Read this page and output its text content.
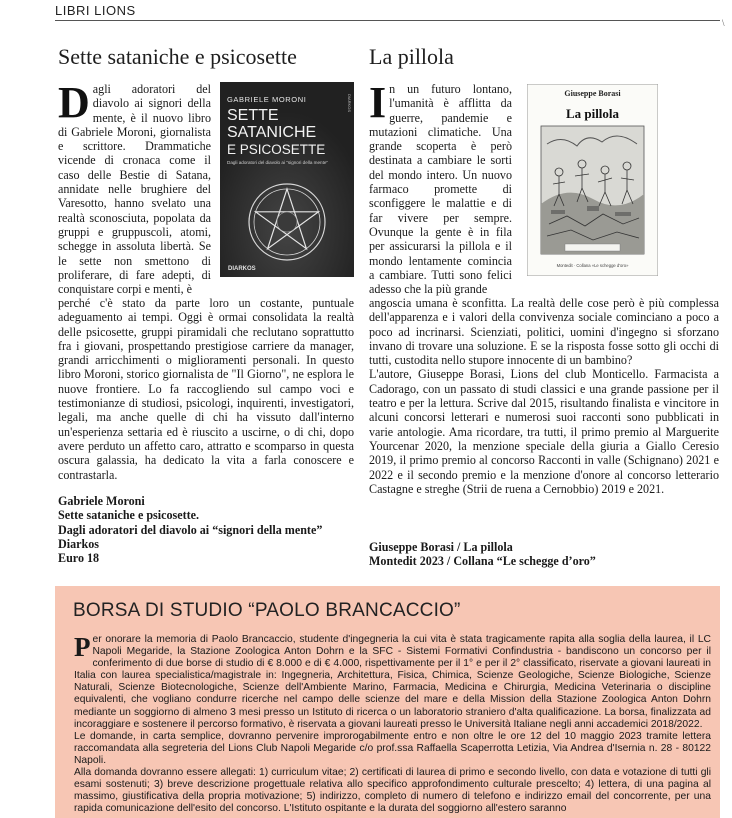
LIBRI LIONS
\
Sette sataniche e psicosette

Dagli adoratori del diavolo ai signori della mente, è il nuovo libro di Gabriele Moroni, giornalista e scrittore. Drammatiche vicende di cronaca come il caso delle Bestie di Satana, annidate nelle brughiere del Varesotto, hanno svelato una realtà sconosciuta, popolata da gruppi e gruppuscoli, atomi, schegge in assoluta libertà. Se le sette non smettono di proliferare, di fare adepti, di conquistare corpi e menti, è

perché c'è stato da parte loro un costante, puntuale adeguamento ai tempi. Oggi è ormai consolidata la realtà delle psicosette, gruppi piramidali che reclutano soprattutto fra i giovani, prospettando prestigiose carriere da manager, grandi arricchimenti o miglioramenti personali. In questo libro Moroni, storico giornalista de "Il Giorno", ne esplora le nuove frontiere. Lo fa raccogliendo sul campo voci e testimonianze di studiosi, psicologi, inquirenti, investigatori, legali, ma anche quelle di chi ha vissuto dall'interno un'esperienza settaria ed è riuscito a uscirne, o di chi, dopo avere perduto un affetto caro, attratto e scomparso in questa oscura galassia, ha dedicato la vita a farla conoscere e contrastarla.

GABRIELE MORONI
SETTE
SATANICHE
E PSICOSETTE
Dagli adoratori del diavolo ai "signori della mente"
DIARKOS
DIARKOS
Gabriele Moroni
Sette sataniche e psicosette.
Dagli adoratori del diavolo ai “signori della mente”
Diarkos
Euro 18
La pillola

In un futuro lontano, l'umanità è afflitta da guerre, pandemie e mutazioni climatiche. Una grande scoperta è però destinata a cambiare le sorti del mondo intero. Un nuovo farmaco promette di sconfiggere le malattie e di far vivere per sempre. Ovunque la gente è in fila per assicurarsi la pillola e il mondo lentamente comincia a cambiare. Tutti sono felici adesso che la più grande

angoscia umana è sconfitta. La realtà delle cose però è più complessa dell'apparenza e i valori della convivenza sociale cominciano a poco a poco ad incrinarsi. Scienziati, politici, uomini d'ingegno si sforzano invano di trovare una soluzione. E se la risposta fosse sotto gli occhi di tutti, custodita nello stupore innocente di un bambino?

L'autore, Giuseppe Borasi, Lions del club Monticello. Farmacista a Cadorago, con un passato di studi classici e una grande passione per il teatro e per la lettura. Scrive dal 2015, risultando finalista e vincitore in alcuni concorsi letterari e numerosi suoi racconti sono pubblicati in varie antologie. Ama ricordare, tra tutti, il primo premio al Marguerite Yourcenar 2020, la menzione speciale della giuria a Giallo Ceresio 2019, il primo premio al concorso Racconti in valle (Schignano) 2021 e 2022 e il secondo premio e la menzione d'onore al concorso letterario Castagne e streghe (Strii de ruena a Cernobbio) 2019 e 2021.

Giuseppe Borasi
La pillola
Montedit · Collana «Le schegge d'oro»
Giuseppe Borasi / La pillola
Montedit 2023 / Collana “Le schegge d’oro”
BORSA DI STUDIO “PAOLO BRANCACCIO”

Per onorare la memoria di Paolo Brancaccio, studente d'ingegneria la cui vita è stata tragicamente rapita alla soglia della laurea, il LC Napoli Megaride, la Stazione Zoologica Anton Dohrn e la SFC - Sistemi Formativi Confindustria - bandiscono un concorso per il conferimento di due borse di studio di € 8.000 e di € 4.000, rispettivamente per il 1° e per il 2° classificato, riservate a giovani laureati in Italia con laurea specialistica/magistrale in: Ingegneria, Architettura, Fisica, Chimica, Scienze Geologiche, Scienze Biologiche, Scienze Naturali, Scienze Biotecnologiche, Scienze dell'Ambiente Marino, Farmacia, Medicina e Chirurgia, Medicina Veterinaria o discipline equivalenti, che vogliano condurre ricerche nel campo delle scienze del mare e della Mission della Stazione Zoologica Anton Dohrn mediante un soggiorno di almeno 3 mesi presso un Istituto di ricerca o un laboratorio straniero d'alta qualificazione. La borsa, finalizzata ad incoraggiare e sostenere il percorso formativo, è riservata a giovani laureati presso le Università Italiane negli anni accademici 2018/2022.

Le domande, in carta semplice, dovranno pervenire improrogabilmente entro e non oltre le ore 12 del 10 maggio 2023 tramite lettera raccomandata alla segreteria del Lions Club Napoli Megaride c/o prof.ssa Raffaella Scaperrotta Letizia, Via Andrea d'Isernia n. 28 - 80122 Napoli.

Alla domanda dovranno essere allegati: 1) curriculum vitae; 2) certificati di laurea di primo e secondo livello, con data e votazione di tutti gli esami sostenuti; 3) breve descrizione progettuale relativa allo specifico approfondimento culturale prescelto; 4) lettera, di una pagina al massimo, giustificativa della propria motivazione; 5) indirizzo, completo di numero di telefono e indirizzo email del concorrente, per una rapida comunicazione dell'esito del concorso. L'Istituto ospitante e la durata del soggiorno all'estero saranno
